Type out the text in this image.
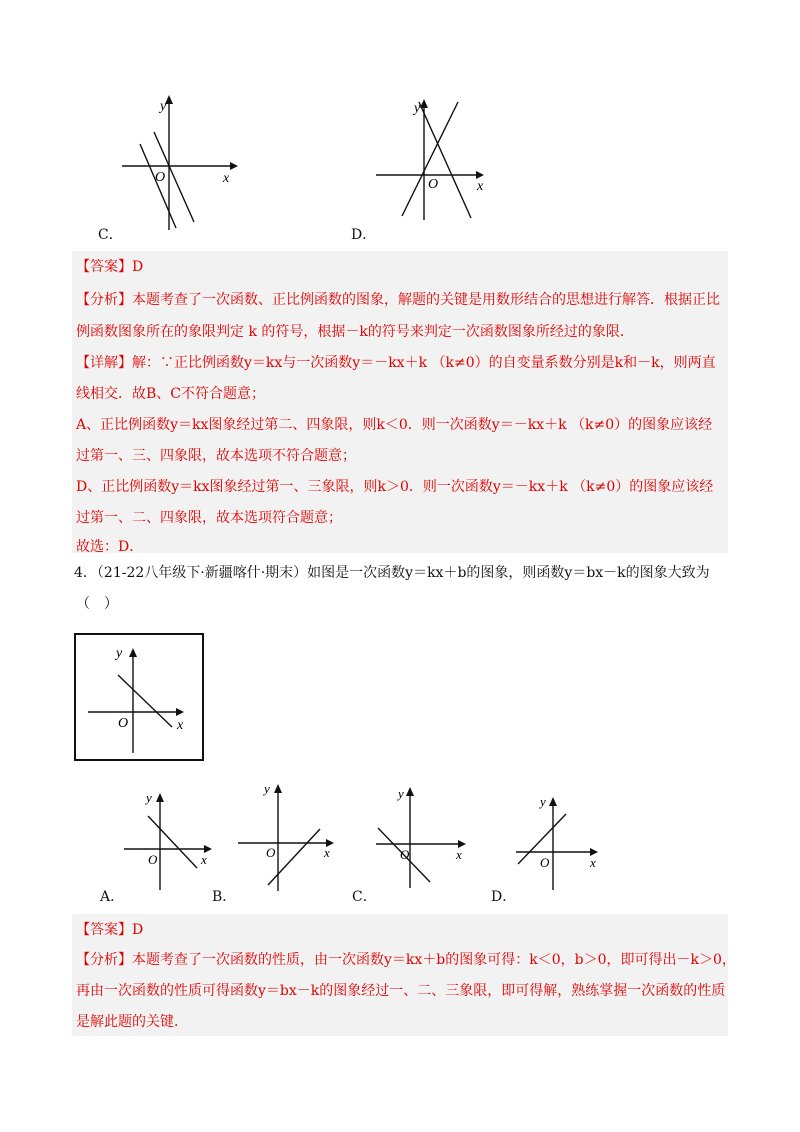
y
x
O
C．
y
x
O
D．
【答案】D
【分析】本题考查了一次函数、正比例函数的图象，解题的关键是用数形结合的思想进行解答．根据正比
例函数图象所在的象限判定 k 的符号，根据－k的符号来判定一次函数图象所经过的象限．
【详解】解：∵正比例函数y＝kx与一次函数y＝－kx＋k （k≠0）的自变量系数分别是k和－k，则两直
线相交．故B、C不符合题意；
A、正比例函数y＝kx图象经过第二、四象限，则k＜0．则一次函数y＝－kx＋k （k≠0）的图象应该经
过第一、三、四象限，故本选项不符合题意；
D、正比例函数y＝kx图象经过第一、三象限，则k＞0．则一次函数y＝－kx＋k （k≠0）的图象应该经
过第一、二、四象限，故本选项符合题意；
故选：D．
4．（21-22八年级下·新疆喀什·期末）如图是一次函数y＝kx＋b的图象，则函数y＝bx－k的图象大致为
（　）
y
x
O
y
x
O
A．
y
x
O
B．
y
x
O
C．
y
x
O
D．
【答案】D
【分析】本题考查了一次函数的性质，由一次函数y＝kx＋b的图象可得：k＜0，b＞0，即可得出－k＞0，
再由一次函数的性质可得函数y＝bx－k的图象经过一、二、三象限，即可得解，熟练掌握一次函数的性质
是解此题的关键．
